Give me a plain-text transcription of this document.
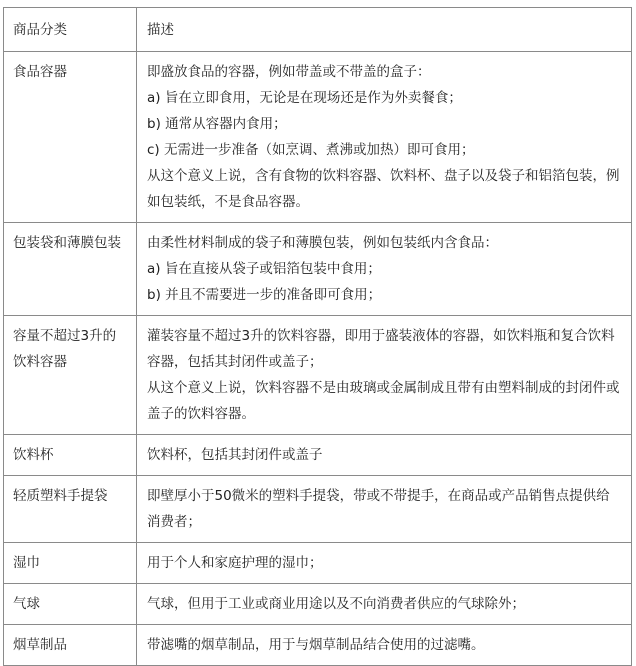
商品分类	描述
食品容器	即盛放食品的容器，例如带盖或不带盖的盒子：
a) 旨在立即食用，无论是在现场还是作为外卖餐食；
b) 通常从容器内食用；
c) 无需进一步准备（如烹调、煮沸或加热）即可食用；
从这个意义上说，含有食物的饮料容器、饮料杯、盘子以及袋子和铝箔包装，例如包装纸，不是食品容器。

包装袋和薄膜包装	由柔性材料制成的袋子和薄膜包装，例如包装纸内含食品：
a) 旨在直接从袋子或铝箔包装中食用；
b) 并且不需要进一步的准备即可食用；

容量不超过3升的饮料容器	灌装容量不超过3升的饮料容器，即用于盛装液体的容器，如饮料瓶和复合饮料容器，包括其封闭件或盖子；
从这个意义上说，饮料容器不是由玻璃或金属制成且带有由塑料制成的封闭件或盖子的饮料容器。

饮料杯	饮料杯，包括其封闭件或盖子

轻质塑料手提袋	即壁厚小于50微米的塑料手提袋，带或不带提手，在商品或产品销售点提供给消费者；

湿巾	用于个人和家庭护理的湿巾；

气球	气球，但用于工业或商业用途以及不向消费者供应的气球除外；

烟草制品	带滤嘴的烟草制品，用于与烟草制品结合使用的过滤嘴。
